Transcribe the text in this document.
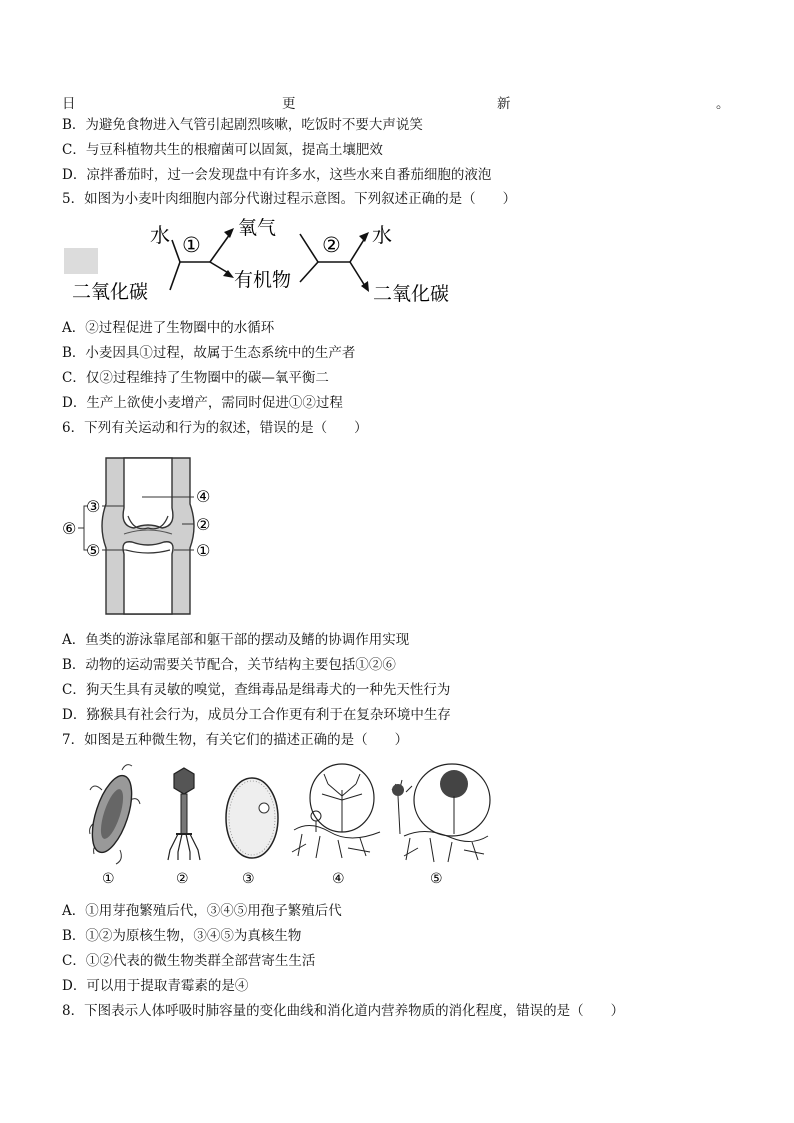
日	更	新	。
B．为避免食物进入气管引起剧烈咳嗽，吃饭时不要大声说笑
C．与豆科植物共生的根瘤菌可以固氮，提高土壤肥效
D．凉拌番茄时，过一会发现盘中有许多水，这些水来自番茄细胞的液泡
5．如图为小麦叶肉细胞内部分代谢过程示意图。下列叙述正确的是（　　）
水 ①
氧气
有机物
② 水
二氧化碳	二氧化碳
A．②过程促进了生物圈中的水循环
B．小麦因具①过程，故属于生态系统中的生产者
C．仅②过程维持了生物圈中的碳—氧平衡二
D．生产上欲使小麦增产，需同时促进①②过程
6．下列有关运动和行为的叙述，错误的是（　　）
③
④
⑥	②
⑤	①
A．鱼类的游泳靠尾部和躯干部的摆动及鳍的协调作用实现
B．动物的运动需要关节配合，关节结构主要包括①②⑥
C．狗天生具有灵敏的嗅觉，查缉毒品是缉毒犬的一种先天性行为
D．猕猴具有社会行为，成员分工合作更有利于在复杂环境中生存
7．如图是五种微生物，有关它们的描述正确的是（　　）
①	②	③	④	⑤
A．①用芽孢繁殖后代，③④⑤用孢子繁殖后代
B．①②为原核生物，③④⑤为真核生物
C．①②代表的微生物类群全部营寄生生活
D．可以用于提取青霉素的是④
8．下图表示人体呼吸时肺容量的变化曲线和消化道内营养物质的消化程度，错误的是（　　）
